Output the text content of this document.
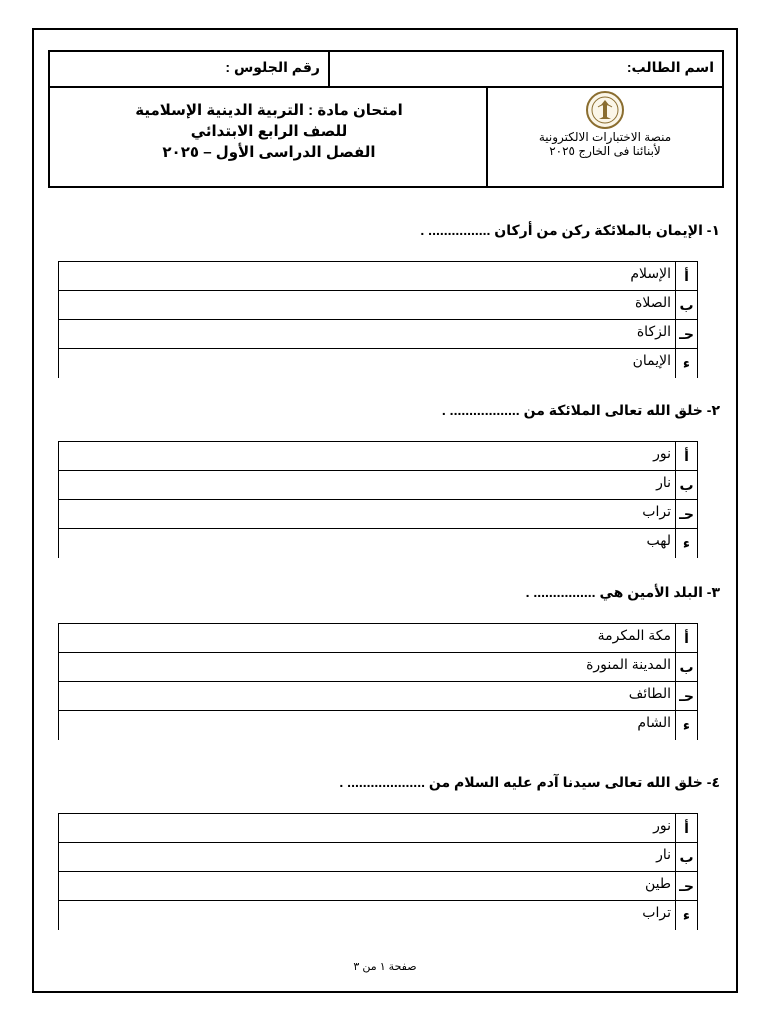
اسم الطالب:
رقم الجلوس :
منصة الاختبارات الالكترونية
لأبنائنا فى الخارج ٢٠٢٥
امتحان مادة : التربية الدينية الإسلامية
للصف الرابع الابتدائي
الفصل الدراسى الأول – ٢٠٢٥
١- الإيمان بالملائكة ركن من أركان ................ .
أ	الإسلام
ب	الصلاة
حـ	الزكاة
ء	الإيمان
٢- خلق الله تعالى الملائكة من .................. .
أ	نور
ب	نار
حـ	تراب
ء	لهب
٣- البلد الأمين هي ................ .
أ	مكة المكرمة
ب	المدينة المنورة
حـ	الطائف
ء	الشام
٤- خلق الله تعالى سيدنا آدم عليه السلام من .................... .
أ	نور
ب	نار
حـ	طين
ء	تراب
صفحة ١ من ٣
